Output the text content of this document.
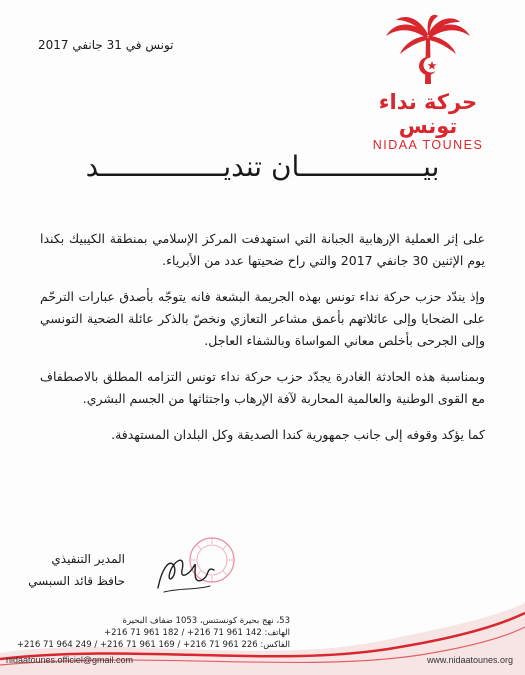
تونس في 31 جانفي 2017
حركة نداء تونس
NIDAA TOUNES
بيـــــــــــــــان تنديـــــــــــــــد

على إثر العملية الإرهابية الجبانة التي استهدفت المركز الإسلامي بمنطقة الكيبيك بكندا يوم الإثنين 30 جانفي 2017 والتي راح ضحيتها عدد من الأبرياء.

وإذ يندّد حزب حركة نداء تونس بهذه الجريمة البشعة فانه يتوجّه بأصدق عبارات الترحّم على الضحايا وإلى عائلاتهم بأعمق مشاعر التعازي ونخصّ بالذكر عائلة الضحية التونسي وإلى الجرحى بأخلص معاني المواساة وبالشفاء العاجل.

وبمناسبة هذه الحادثة الغادرة يجدّد حزب حركة نداء تونس التزامه المطلق بالاصطفاف مع القوى الوطنية والعالمية المحاربة لآفة الإرهاب واجتثاثها من الجسم البشري.

كما يؤكد وقوفه إلى جانب جمهورية كندا الصديقة وكل البلدان المستهدفة.

المدير التنفيذي
حافظ قائد السبسي
53، نهج بحيرة كونستنس، 1053 ضفاف البحيرة
الهاتف: 142 961 71 216+ / 182 961 71 216+
الفاكس: 226 961 71 216+ / 169 961 71 216+ / 249 964 71 216+
nidaatounes.officiel@gmail.com	www.nidaatounes.org
